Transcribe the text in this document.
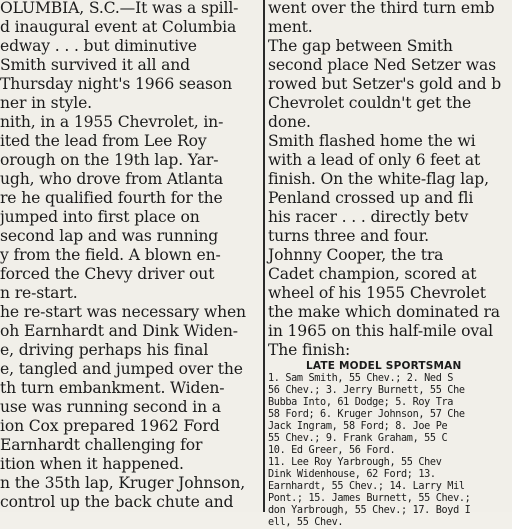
OLUMBIA, S.C.—It was a spill-
d inaugural event at Columbia
edway . . . but diminutive
Smith survived it all and
Thursday night's 1966 season
ner in style.
nith, in a 1955 Chevrolet, in-
ited the lead from Lee Roy
orough on the 19th lap. Yar-
ugh, who drove from Atlanta
re he qualified fourth for the
jumped into first place on
second lap and was running
y from the field. A blown en-
forced the Chevy driver out
n re-start.
he re-start was necessary when
oh Earnhardt and Dink Widen-
e, driving perhaps his final
e, tangled and jumped over the
th turn embankment. Widen-
use was running second in a
ion Cox prepared 1962 Ford
Earnhardt challenging for
ition when it happened.
n the 35th lap, Kruger Johnson,
control up the back chute and
went over the third turn emb
ment.
The gap between Smith
second place Ned Setzer was
rowed but Setzer's gold and b
Chevrolet couldn't get the
done.
Smith flashed home the wi
with a lead of only 6 feet at
finish. On the white-flag lap,
Penland crossed up and fli
his racer . . . directly betv
turns three and four.
Johnny Cooper, the tra
Cadet champion, scored at
wheel of his 1955 Chevrolet
the make which dominated ra
in 1965 on this half-mile oval
The finish:
LATE MODEL SPORTSMAN
1. Sam Smith, 55 Chev.; 2. Ned S
56 Chev.; 3. Jerry Burnett, 55 Che
Bubba Into, 61 Dodge; 5. Roy Tra
58 Ford; 6. Kruger Johnson, 57 Che
Jack Ingram, 58 Ford; 8. Joe Pe
55 Chev.; 9. Frank Graham, 55 C
10. Ed Greer, 56 Ford.
11. Lee Roy Yarbrough, 55 Chev
Dink Widenhouse, 62 Ford; 13.
Earnhardt, 55 Chev.; 14. Larry Mil
Pont.; 15. James Burnett, 55 Chev.;
don Yarbrough, 55 Chev.; 17. Boyd I
ell, 55 Chev.
